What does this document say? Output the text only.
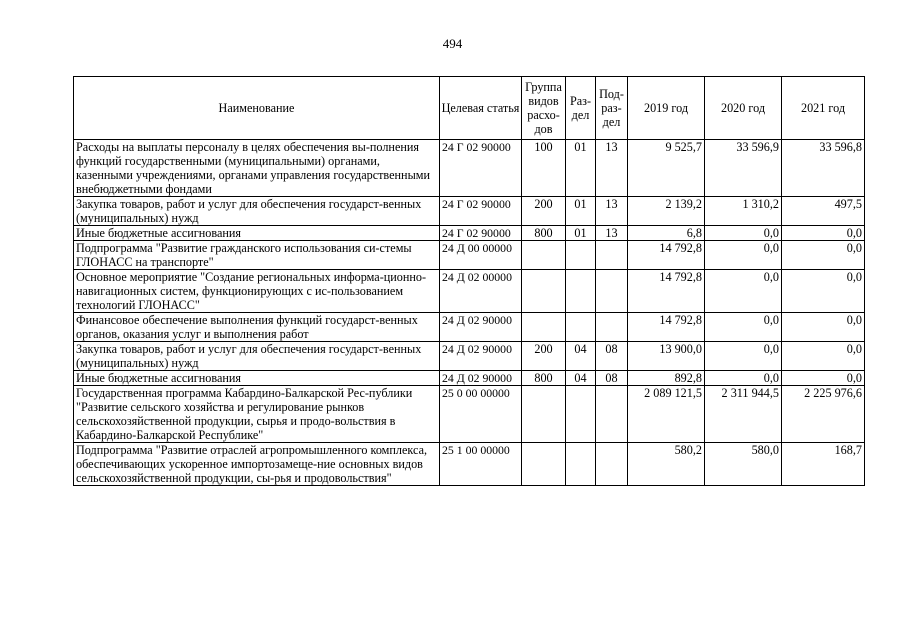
494
Наименование	Целевая статья	Группа видов расхо-дов	Раз-дел	Под-раз-дел	2019 год	2020 год	2021 год
Расходы на выплаты персоналу в целях обеспечения вы-полнения функций государственными (муниципальными) органами, казенными учреждениями, органами управления государственными внебюджетными фондами	24 Г 02 90000	100	01	13	9 525,7	33 596,9	33 596,8
Закупка товаров, работ и услуг для обеспечения государст-венных (муниципальных) нужд	24 Г 02 90000	200	01	13	2 139,2	1 310,2	497,5
Иные бюджетные ассигнования	24 Г 02 90000	800	01	13	6,8	0,0	0,0
Подпрограмма "Развитие гражданского использования си-стемы ГЛОНАСС на транспорте"	24 Д 00 00000				14 792,8	0,0	0,0
Основное мероприятие "Создание региональных информа-ционно-навигационных систем, функционирующих с ис-пользованием технологий ГЛОНАСС"	24 Д 02 00000				14 792,8	0,0	0,0
Финансовое обеспечение выполнения функций государст-венных органов, оказания услуг и выполнения работ	24 Д 02 90000				14 792,8	0,0	0,0
Закупка товаров, работ и услуг для обеспечения государст-венных (муниципальных) нужд	24 Д 02 90000	200	04	08	13 900,0	0,0	0,0
Иные бюджетные ассигнования	24 Д 02 90000	800	04	08	892,8	0,0	0,0
Государственная программа Кабардино-Балкарской Рес-публики "Развитие сельского хозяйства и регулирование рынков сельскохозяйственной продукции, сырья и продо-вольствия в Кабардино-Балкарской Республике"	25 0 00 00000				2 089 121,5	2 311 944,5	2 225 976,6
Подпрограмма "Развитие отраслей агропромышленного комплекса, обеспечивающих ускоренное импортозамеще-ние основных видов сельскохозяйственной продукции, сы-рья и продовольствия"	25 1 00 00000				580,2	580,0	168,7
